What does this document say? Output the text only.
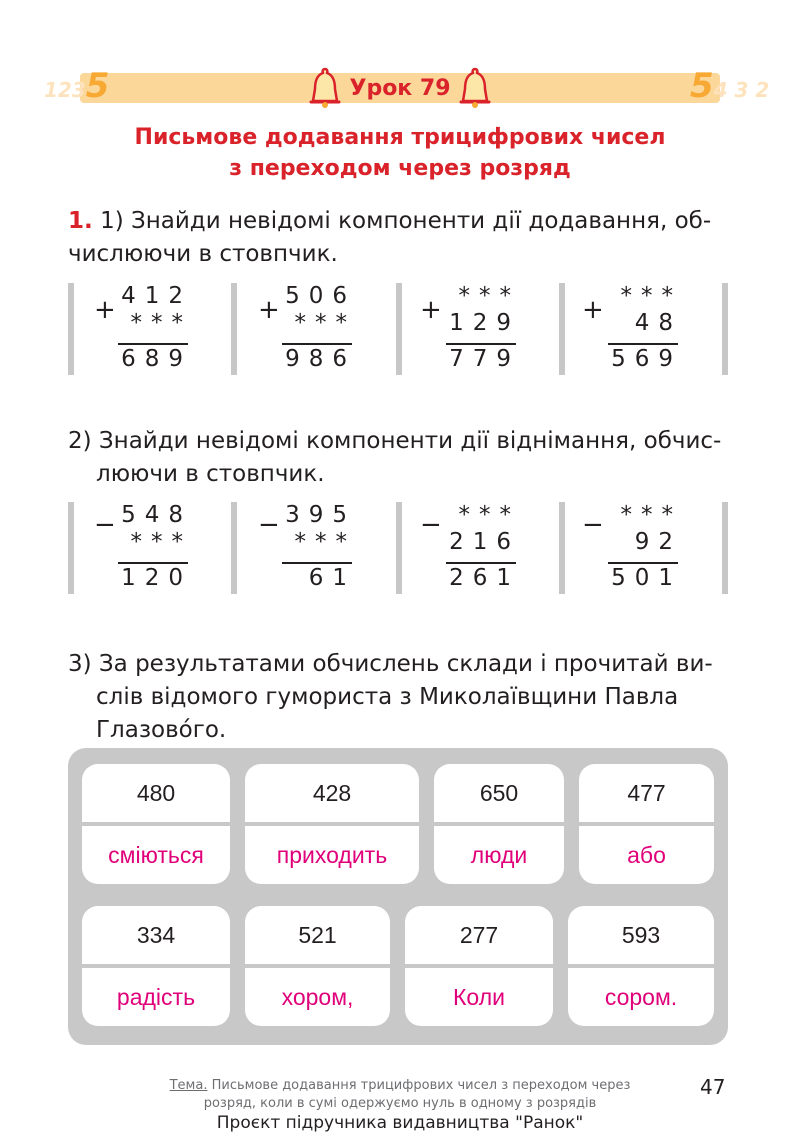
1235	54 3 2
Урок 79
Письмове додавання трицифрових чисел
з переходом через розряд
1. 1) Знайди невідомі компоненти дії додавання, об-
числюючи в стовпчик.
+ 412
***
689
+ 506
***
986
+ ***
129
779
+ ***
48
569
2) Знайди невідомі компоненти дії віднімання, обчис-
люючи в стовпчик.
− 548
***
120
− 395
***
61
− ***
216
261
− ***
92
501
3) За результатами обчислень склади і прочитай ви-
слів відомого гумориста з Миколаївщини Павла
Глазово́го.
480
сміються
428
приходить
650
люди
477
або
334
радість
521
хором,
277
Коли
593
сором.
Тема. Письмове додавання трицифрових чисел з переходом через
розряд, коли в сумі одержуємо нуль в одному з розрядів
47
Проєкт підручника видавництва "Ранок"
